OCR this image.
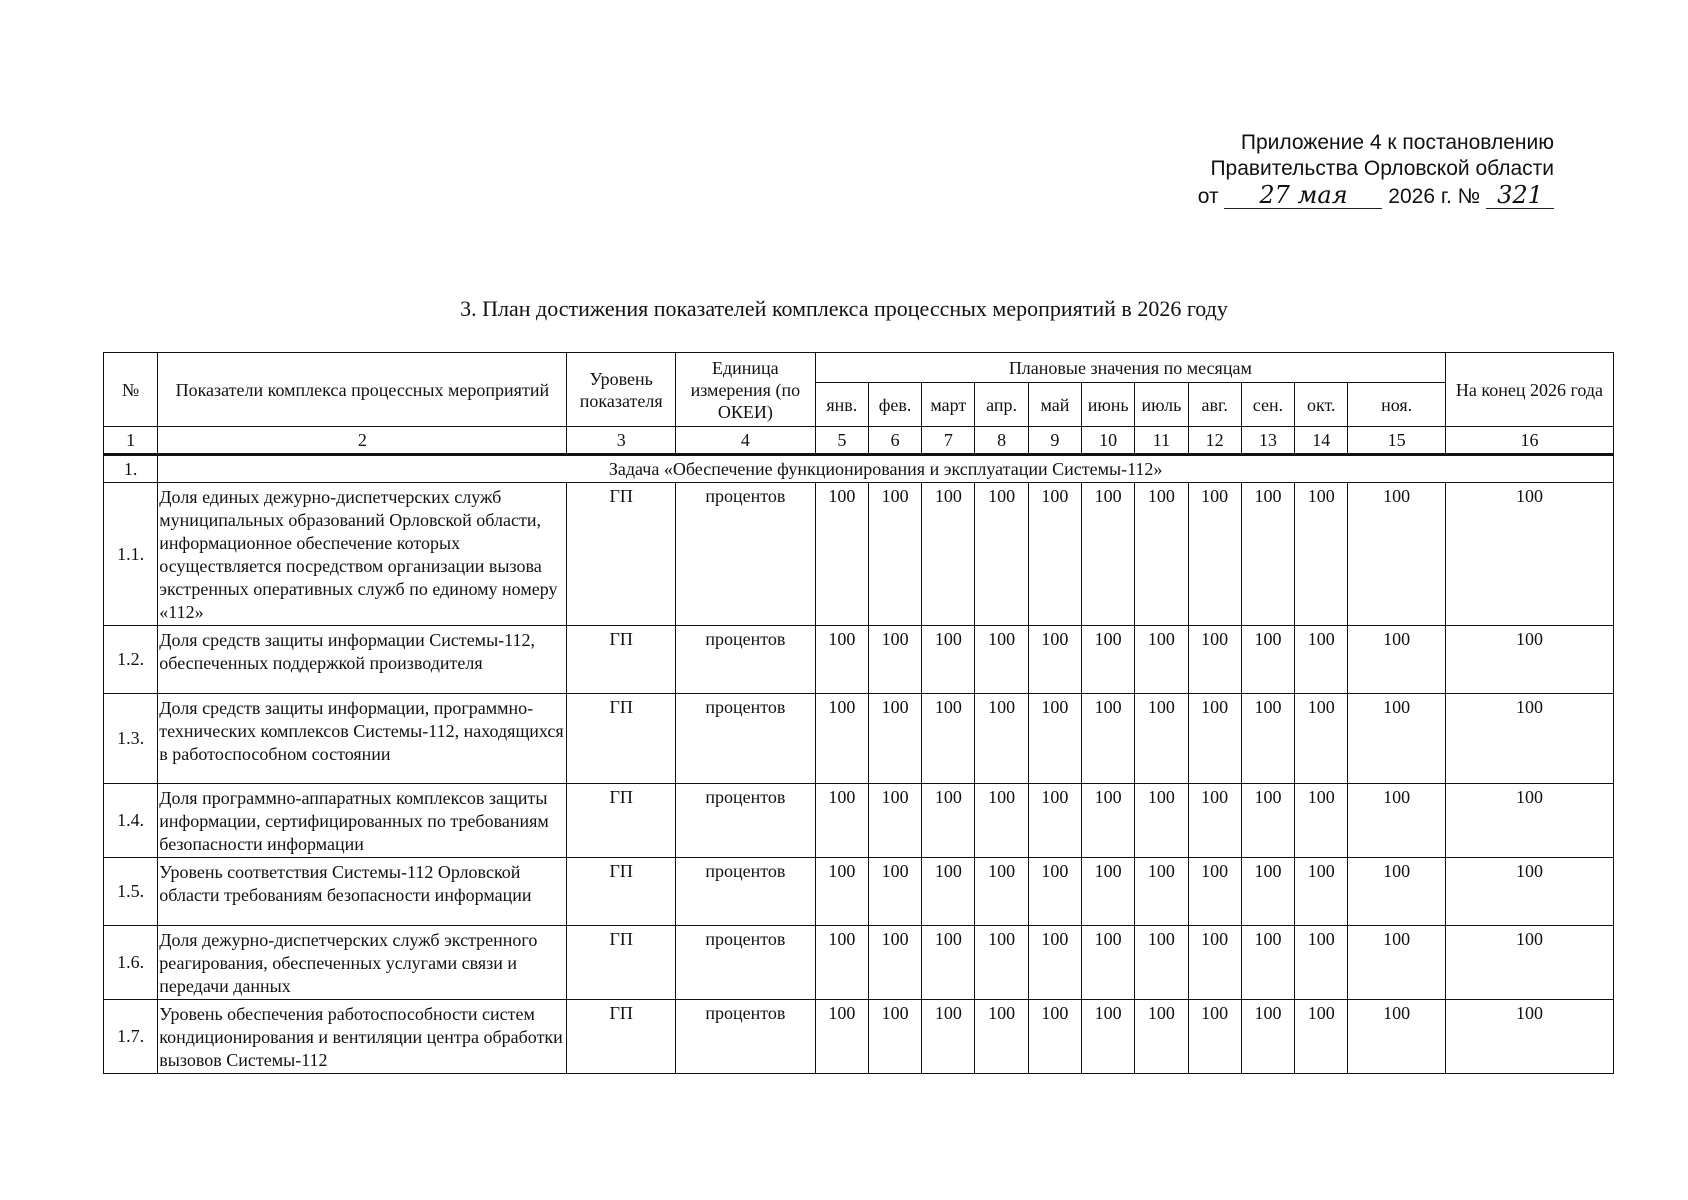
Приложение 4 к постановлению
Правительства Орловской области
от 27 мая 2026 г. № 321
3. План достижения показателей комплекса процессных мероприятий в 2026 году
№	Показатели комплекса процессных мероприятий	Уровень показателя	Единица измерения (по ОКЕИ)	Плановые значения по месяцам											На конец 2026 года
				янв.	фев.	март	апр.	май	июнь	июль	авг.	сен.	окт.	ноя.	
1	2	3	4	5	6	7	8	9	10	11	12	13	14	15	16
1.	Задача «Обеспечение функционирования и эксплуатации Системы-112»														
1.1.	Доля единых дежурно-диспетчерских служб муниципальных образований Орловской области, информационное обеспечение которых осуществляется посредством организации вызова экстренных оперативных служб по единому номеру «112»	ГП	процентов	100	100	100	100	100	100	100	100	100	100	100	100
1.2.	Доля средств защиты информации Системы-112, обеспеченных поддержкой производителя	ГП	процентов	100	100	100	100	100	100	100	100	100	100	100	100
1.3.	Доля средств защиты информации, программно-технических комплексов Системы-112, находящихся в работоспособном состоянии	ГП	процентов	100	100	100	100	100	100	100	100	100	100	100	100
1.4.	Доля программно-аппаратных комплексов защиты информации, сертифицированных по требованиям безопасности информации	ГП	процентов	100	100	100	100	100	100	100	100	100	100	100	100
1.5.	Уровень соответствия Системы-112 Орловской области требованиям безопасности информации	ГП	процентов	100	100	100	100	100	100	100	100	100	100	100	100
1.6.	Доля дежурно-диспетчерских служб экстренного реагирования, обеспеченных услугами связи и передачи данных	ГП	процентов	100	100	100	100	100	100	100	100	100	100	100	100
1.7.	Уровень обеспечения работоспособности систем кондиционирования и вентиляции центра обработки вызовов Системы-112	ГП	процентов	100	100	100	100	100	100	100	100	100	100	100	100
